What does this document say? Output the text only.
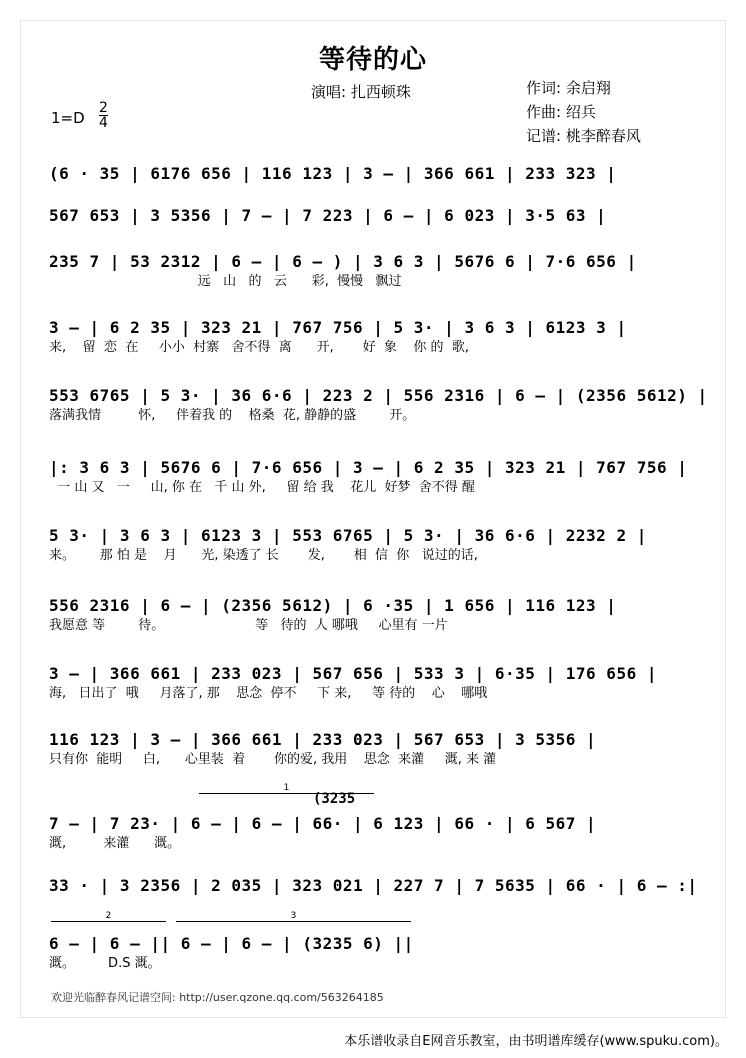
等待的心
演唱: 扎西顿珠	作词: 余启翔
作曲: 绍兵
记谱: 桃李醉春风
1=D
2
4
(6 · 35 | 6176 656 | 116 123 | 3 – | 366 661 | 233 323 |
567 653 | 3 5356 | 7 – | 7 223 | 6 – | 6 023 | 3·5 63 |
235 7 | 53 2312 | 6 – | 6 – ) | 3 6 3 | 5676 6 | 7·6 656 |
远   山   的   云      彩,  慢慢   飘过
3 – | 6 2 35 | 323 21 | 767 756 | 5 3· | 3 6 3 | 6123 3 |
来,    留  恋  在     小小  村寨   舍不得  离      开,       好  象    你 的  歌,
553 6765 | 5 3· | 36 6·6 | 223 2 | 556 2316 | 6 – | (2356 5612) |
落满我情         怀,     伴着我 的    格桑  花, 静静的盛        开。
|: 3 6 3 | 5676 6 | 7·6 656 | 3 – | 6 2 35 | 323 21 | 767 756 |
一 山 又   一     山, 你 在   千 山 外,     留 给 我    花儿  好梦  舍不得 醒
5 3· | 3 6 3 | 6123 3 | 553 6765 | 5 3· | 36 6·6 | 2232 2 |
来。      那 怕 是    月      光, 染透了 长       发,       相  信  你   说过的话,
556 2316 | 6 – | (2356 5612) | 6 ·35 | 1 656 | 116 123 |
我愿意 等        待。                      等   待的  人 哪哦     心里有 一片
3 – | 366 661 | 233 023 | 567 656 | 533 3 | 6·35 | 176 656 |
海,   日出了  哦     月落了, 那    思念  停不     下 来,     等 待的    心    哪哦
116 123 | 3 – | 366 661 | 233 023 | 567 653 | 3 5356 |
只有你  能明     白,      心里装  着       你的爱, 我用    思念  来灌     溉, 来 灌
1
(3235
7 – | 7 23· | 6 – | 6 – | 66· | 6 123 | 66 · | 6 567 |
溉,         来灌      溉。
33 · | 3 2356 | 2 035 | 323 021 | 227 7 | 7 5635 | 66 · | 6 – :|
2	3
6 – | 6 – || 6 – | 6 – | (3235 6) ||
溉。        D.S 溉。
欢迎光临醉春风记谱空间: http://user.qzone.qq.com/563264185
本乐谱收录自E网音乐教室，由书明谱库缓存(www.spuku.com)。
